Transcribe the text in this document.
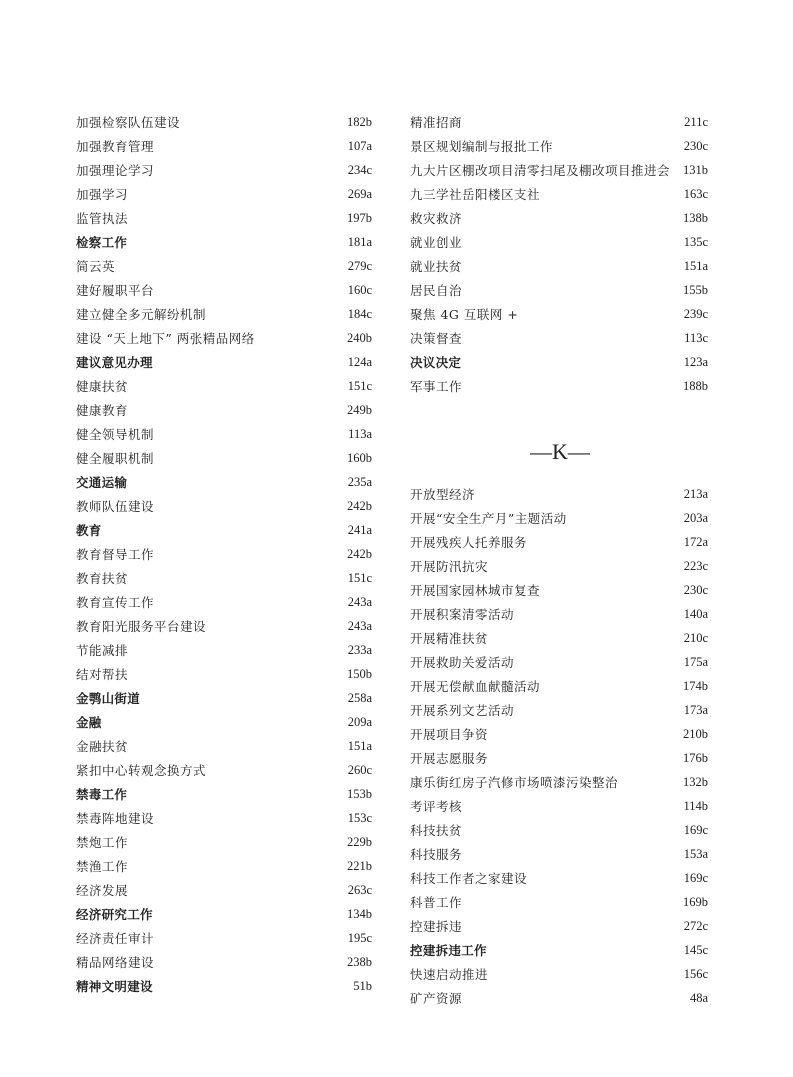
加强检察队伍建设	182b
加强教育管理	107a
加强理论学习	234c
加强学习	269a
监管执法	197b
检察工作	181a
简云英	279c
建好履职平台	160c
建立健全多元解纷机制	184c
建设 “天上地下” 两张精品网络	240b
建议意见办理	124a
健康扶贫	151c
健康教育	249b
健全领导机制	113a
健全履职机制	160b
交通运输	235a
教师队伍建设	242b
教育	241a
教育督导工作	242b
教育扶贫	151c
教育宣传工作	243a
教育阳光服务平台建设	243a
节能减排	233a
结对帮扶	150b
金鹗山街道	258a
金融	209a
金融扶贫	151a
紧扣中心转观念换方式	260c
禁毒工作	153b
禁毒阵地建设	153c
禁炮工作	229b
禁渔工作	221b
经济发展	263c
经济研究工作	134b
经济责任审计	195c
精品网络建设	238b
精神文明建设	51b
精准招商	211c
景区规划编制与报批工作	230c
九大片区棚改项目清零扫尾及棚改项目推进会 131b
九三学社岳阳楼区支社	163c
救灾救济	138b
就业创业	135c
就业扶贫	151a
居民自治	155b
聚焦 4G 互联网 +	239c
决策督查	113c
决议决定	123a
军事工作	188b
—K—
开放型经济	213a
开展“安全生产月”主题活动	203a
开展残疾人托养服务	172a
开展防汛抗灾	223c
开展国家园林城市复查	230c
开展积案清零活动	140a
开展精准扶贫	210c
开展救助关爱活动	175a
开展无偿献血献髓活动	174b
开展系列文艺活动	173a
开展项目争资	210b
开展志愿服务	176b
康乐街红房子汽修市场喷漆污染整治	132b
考评考核	114b
科技扶贫	169c
科技服务	153a
科技工作者之家建设	169c
科普工作	169b
控建拆违	272c
控建拆违工作	145c
快速启动推进	156c
矿产资源	48a
